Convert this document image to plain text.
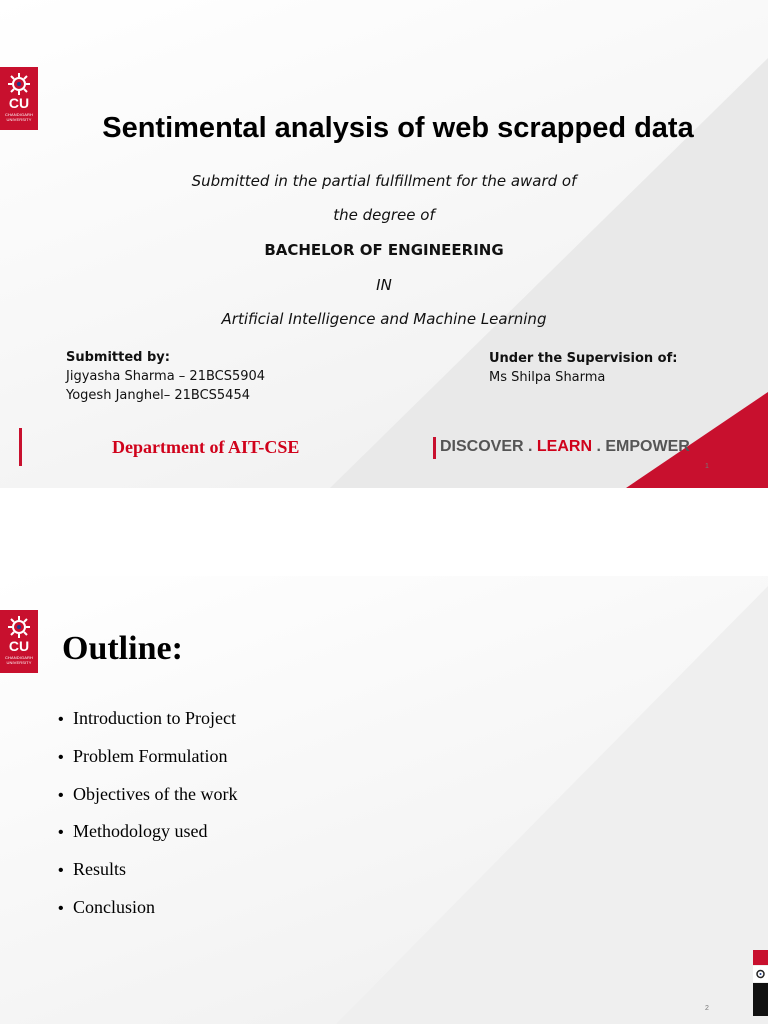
CU
CHANDIGARH UNIVERSITY	Sentimental analysis of web scrapped data
Submitted in the partial fulfillment for the award of
the degree of
BACHELOR OF ENGINEERING
IN
Artificial Intelligence and Machine Learning
Submitted by:
Jigyasha Sharma – 21BCS5904
Yogesh Janghel– 21BCS5454
Under the Supervision of:
Ms Shilpa Sharma
Department of AIT-CSE	DISCOVER . LEARN . EMPOWER
1
CU
CHANDIGARH UNIVERSITY Outline:
• Introduction to Project
• Problem Formulation
• Objectives of the work
• Methodology used
• Results
• Conclusion
2
